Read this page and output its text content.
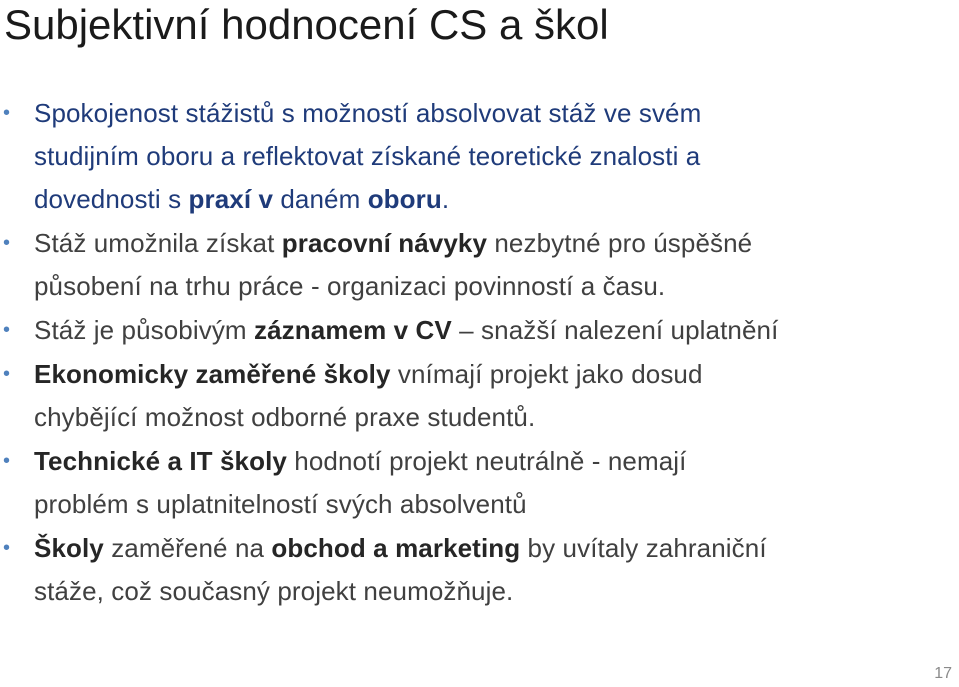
Subjektivní hodnocení CS a škol
• Spokojenost stážistů s možností absolvovat stáž ve svém
studijním oboru a reflektovat získané teoretické znalosti a
dovednosti s praxí v daném oboru.
• Stáž umožnila získat pracovní návyky nezbytné pro úspěšné
působení na trhu práce - organizaci povinností a času.
• Stáž je působivým záznamem v CV – snažší nalezení uplatnění
• Ekonomicky zaměřené školy vnímají projekt jako dosud
chybějící možnost odborné praxe studentů.
• Technické a IT školy hodnotí projekt neutrálně - nemají
problém s uplatnitelností svých absolventů
• Školy zaměřené na obchod a marketing by uvítaly zahraniční
stáže, což současný projekt neumožňuje.
17
